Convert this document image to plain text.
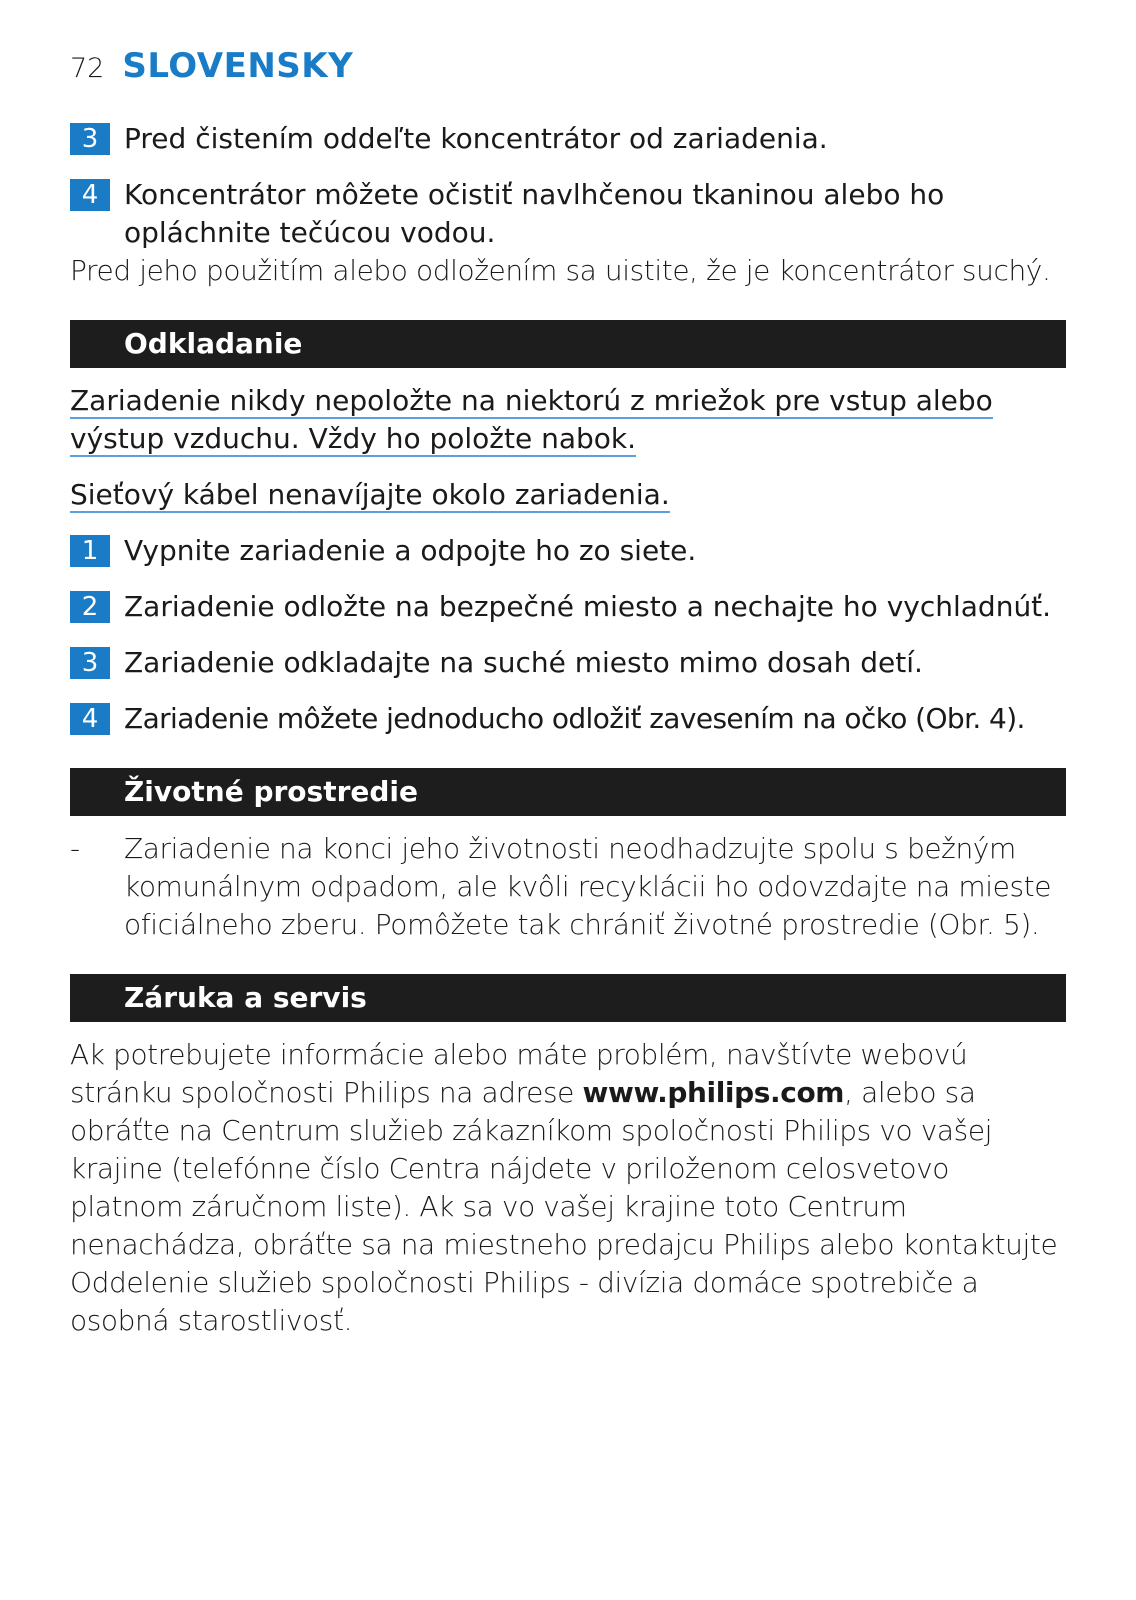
72 SLOVENSKY
3 Pred čistením oddeľte koncentrátor od zariadenia.
4 Koncentrátor môžete očistiť navlhčenou tkaninou alebo ho opláchnite tečúcou vodou.
Pred jeho použitím alebo odložením sa uistite, že je koncentrátor suchý.
Odkladanie
Zariadenie nikdy nepoložte na niektorú z mriežok pre vstup alebo
výstup vzduchu. Vždy ho položte nabok.
Sieťový kábel nenavíjajte okolo zariadenia.
1 Vypnite zariadenie a odpojte ho zo siete.
2 Zariadenie odložte na bezpečné miesto a nechajte ho vychladnúť.
3 Zariadenie odkladajte na suché miesto mimo dosah detí.
4 Zariadenie môžete jednoducho odložiť zavesením na očko (Obr. 4).
Životné prostredie
-	Zariadenie na konci jeho životnosti neodhadzujte spolu s bežným komunálnym odpadom, ale kvôli recyklácii ho odovzdajte na mieste oficiálneho zberu. Pomôžete tak chrániť životné prostredie (Obr. 5).
Záruka a servis
Ak potrebujete informácie alebo máte problém, navštívte webovú stránku spoločnosti Philips na adrese www.philips.com, alebo sa obráťte na Centrum služieb zákazníkom spoločnosti Philips vo vašej krajine (telefónne číslo Centra nájdete v priloženom celosvetovo platnom záručnom liste). Ak sa vo vašej krajine toto Centrum nenachádza, obráťte sa na miestneho predajcu Philips alebo kontaktujte Oddelenie služieb spoločnosti Philips - divízia domáce spotrebiče a osobná starostlivosť.
